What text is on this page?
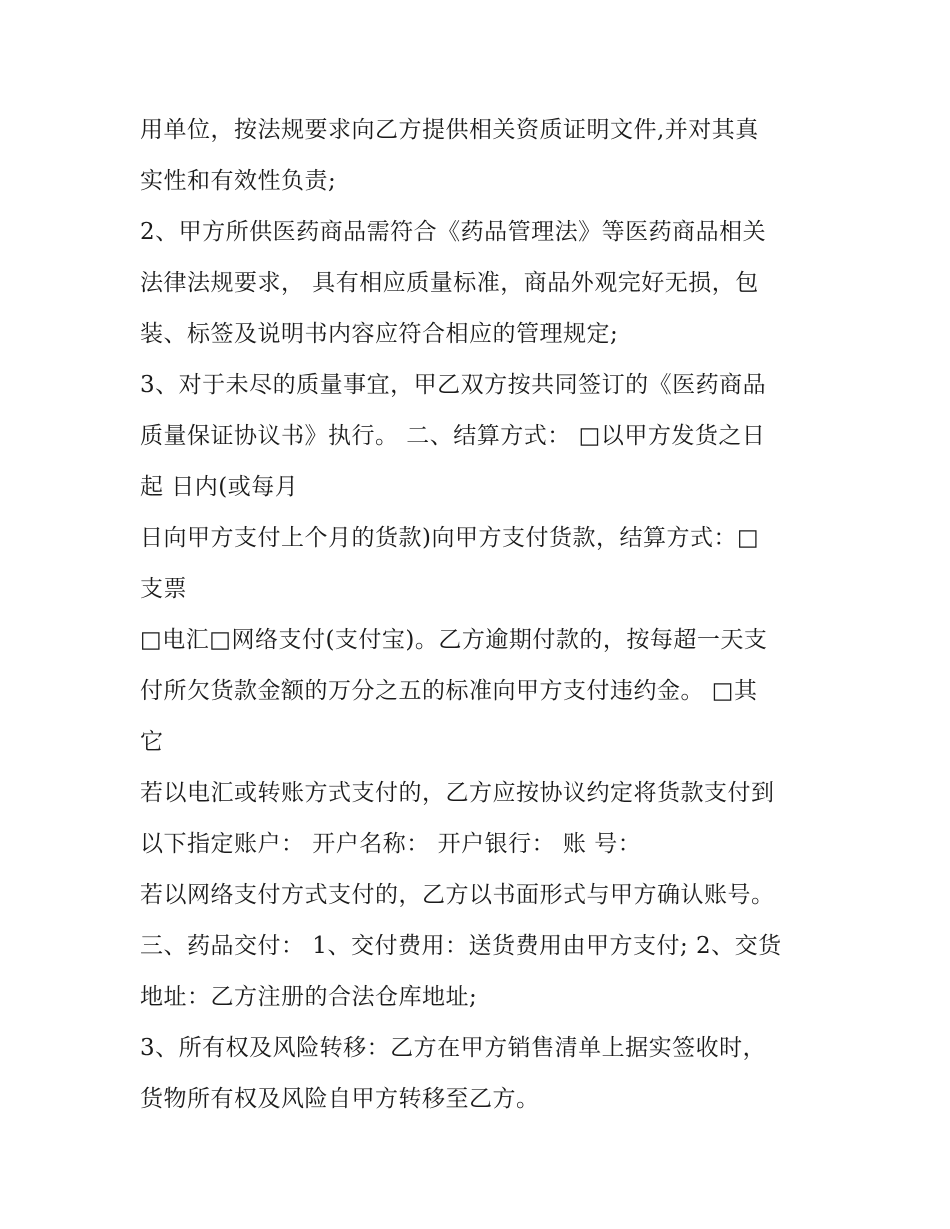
用单位，按法规要求向乙方提供相关资质证明文件,并对其真
实性和有效性负责;
2、甲方所供医药商品需符合《药品管理法》等医药商品相关
法律法规要求， 具有相应质量标准，商品外观完好无损，包
装、标签及说明书内容应符合相应的管理规定;
3、对于未尽的质量事宜，甲乙双方按共同签订的《医药商品
质量保证协议书》执行。 二、结算方式： □以甲方发货之日
起 日内(或每月
日向甲方支付上个月的货款)向甲方支付货款，结算方式：□
支票
□电汇□网络支付(支付宝)。乙方逾期付款的，按每超一天支
付所欠货款金额的万分之五的标准向甲方支付违约金。 □其
它
若以电汇或转账方式支付的，乙方应按协议约定将货款支付到
以下指定账户： 开户名称： 开户银行： 账 号：
若以网络支付方式支付的，乙方以书面形式与甲方确认账号。
三、药品交付： 1、交付费用：送货费用由甲方支付; 2、交货
地址：乙方注册的合法仓库地址;
3、所有权及风险转移：乙方在甲方销售清单上据实签收时，
货物所有权及风险自甲方转移至乙方。
